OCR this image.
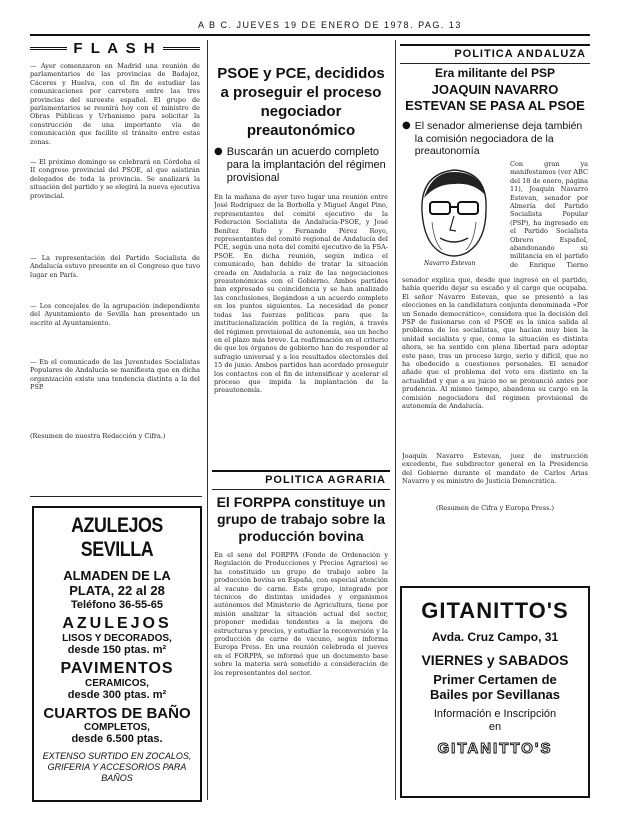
A B C. JUEVES 19 DE ENERO DE 1978. PAG. 13
F L A S H
— Ayer comenzaron en Madrid una reunión de parlamentarios de las provincias de Badajoz, Cáceres y Huelva, con el fin de estudiar las comunicaciones por carretera entre las tres provincias del suroeste español. El grupo de parlamentarios se reunirá hoy con el ministro de Obras Públicas y Urbanismo para solicitar la construcción de una importante vía de comunicación que facilite el tránsito entre estas zonas.
— El próximo domingo se celebrará en Córdoba el II congreso provincial del PSOE, al que asistirán delegados de toda la provincia. Se analizará la situación del partido y se elegirá la nueva ejecutiva provincial.
— La representación del Partido Socialista de Andalucía estuvo presente en el Congreso que tuvo lugar en París.
— Los concejales de la agrupación independiente del Ayuntamiento de Sevilla han presentado un escrito al Ayuntamiento.
— En el comunicado de las Juventudes Socialistas Populares de Andalucía se manifiesta que en dicha organización existe una tendencia distinta a la del PSP.
(Resumen de nuestra Redacción y Cifra.)
AZULEJOS SEVILLA
ALMADEN DE LA PLATA, 22 al 28
Teléfono 36-55-65
AZULEJOS
LISOS Y DECORADOS,
desde 150 ptas. m²
PAVIMENTOS
CERAMICOS,
desde 300 ptas. m²
CUARTOS DE BAÑO
COMPLETOS,
desde 6.500 ptas.
EXTENSO SURTIDO EN ZOCALOS, GRIFERIA Y ACCESORIOS PARA BAÑOS
PSOE y PCE, decididos a proseguir el proceso negociador preautonómico
● Buscarán un acuerdo completo para la implantación del régimen provisional
En la mañana de ayer tuvo lugar una reunión entre José Rodríguez de la Borbolla y Miguel Ángel Pino, representantes del comité ejecutivo de la Federación Socialista de Andalucía-PSOE, y José Benítez Rufo y Fernando Pérez Royo, representantes del comité regional de Andalucía del PCE, según una nota del comité ejecutivo de la FSA-PSOE. En dicha reunión, según indica el comunicado, han debido de tratar la situación creada en Andalucía a raíz de las negociaciones preautonómicas con el Gobierno. Ambos partidos han expresado su coincidencia y se han analizado las conclusiones, llegándose a un acuerdo completo en los puntos siguientes. La necesidad de poner todas las fuerzas políticas para que la institucionalización política de la región, a través del régimen provisional de autonomía, sea un hecho en el plazo más breve. La reafirmación en el criterio de que los órganos de gobierno han de responder al sufragio universal y a los resultados electorales del 15 de junio. Ambos partidos han acordado proseguir los contactos con el fin de intensificar y acelerar el proceso que impida la implantación de la preautonomía.
POLITICA AGRARIA
El FORPPA constituye un grupo de trabajo sobre la producción bovina
En el seno del FORPPA (Fondo de Ordenación y Regulación de Producciones y Precios Agrarios) se ha constituido un grupo de trabajo sobre la producción bovina en España, con especial atención al vacuno de carne. Este grupo, integrado por técnicos de distintas unidades y organismos autónomos del Ministerio de Agricultura, tiene por misión analizar la situación actual del sector, proponer medidas tendentes a la mejora de estructuras y precios, y estudiar la reconversión y la producción de carne de vacuno, según informa Europa Press. En una reunión celebrada el jueves en el FORPPA, se informó que un documento base sobre la materia será sometido a consideración de los representantes del sector.
POLITICA ANDALUZA
Era militante del PSP
JOAQUIN NAVARRO ESTEVAN SE PASA AL PSOE
● El senador almeriense deja también la comisión negociadora de la preautonomía
Navarro Estevan
Con gran ya manifestamos (ver ABC del 18 de enero, página 11), Joaquín Navarro Estevan, senador por Almería del Partido Socialista Popular (PSP), ha ingresado en el Partido Socialista Obrero Español, abandonando su militancia en el partido de Enrique Tierno
senador explica que, desde que ingresó en el partido, había querido dejar su escaño y el cargo que ocupaba. El señor Navarro Estevan, que se presentó a las elecciones en la candidatura conjunta denominada «Por un Senado democrático», considera que la decisión del PSP de fusionarse con el PSOE es la única salida al problema de los socialistas, que hacían muy bien la unidad socialista y que, como la situación es distinta ahora, se ha sentido con plena libertad para adoptar este paso, tras un proceso largo, serio y difícil, que no ha obedecido a cuestiones personales. El senador añade que el problema del voto era distinto en la actualidad y que a su juicio no se pronunció antes por prudencia. Al mismo tiempo, abandona su cargo en la comisión negociadora del régimen provisional de autonomía de Andalucía.
Joaquín Navarro Estevan, juez de instrucción excedente, fue subdirector general en la Presidencia del Gobierno durante el mandato de Carlos Arias Navarro y es ministro de Justicia Democrática.
(Resumen de Cifra y Europa Press.)
GITANITTO'S
Avda. Cruz Campo, 31
VIERNES y SABADOS
Primer Certamen de
Bailes por Sevillanas
Información e Inscripción en
GITANITTO'S
